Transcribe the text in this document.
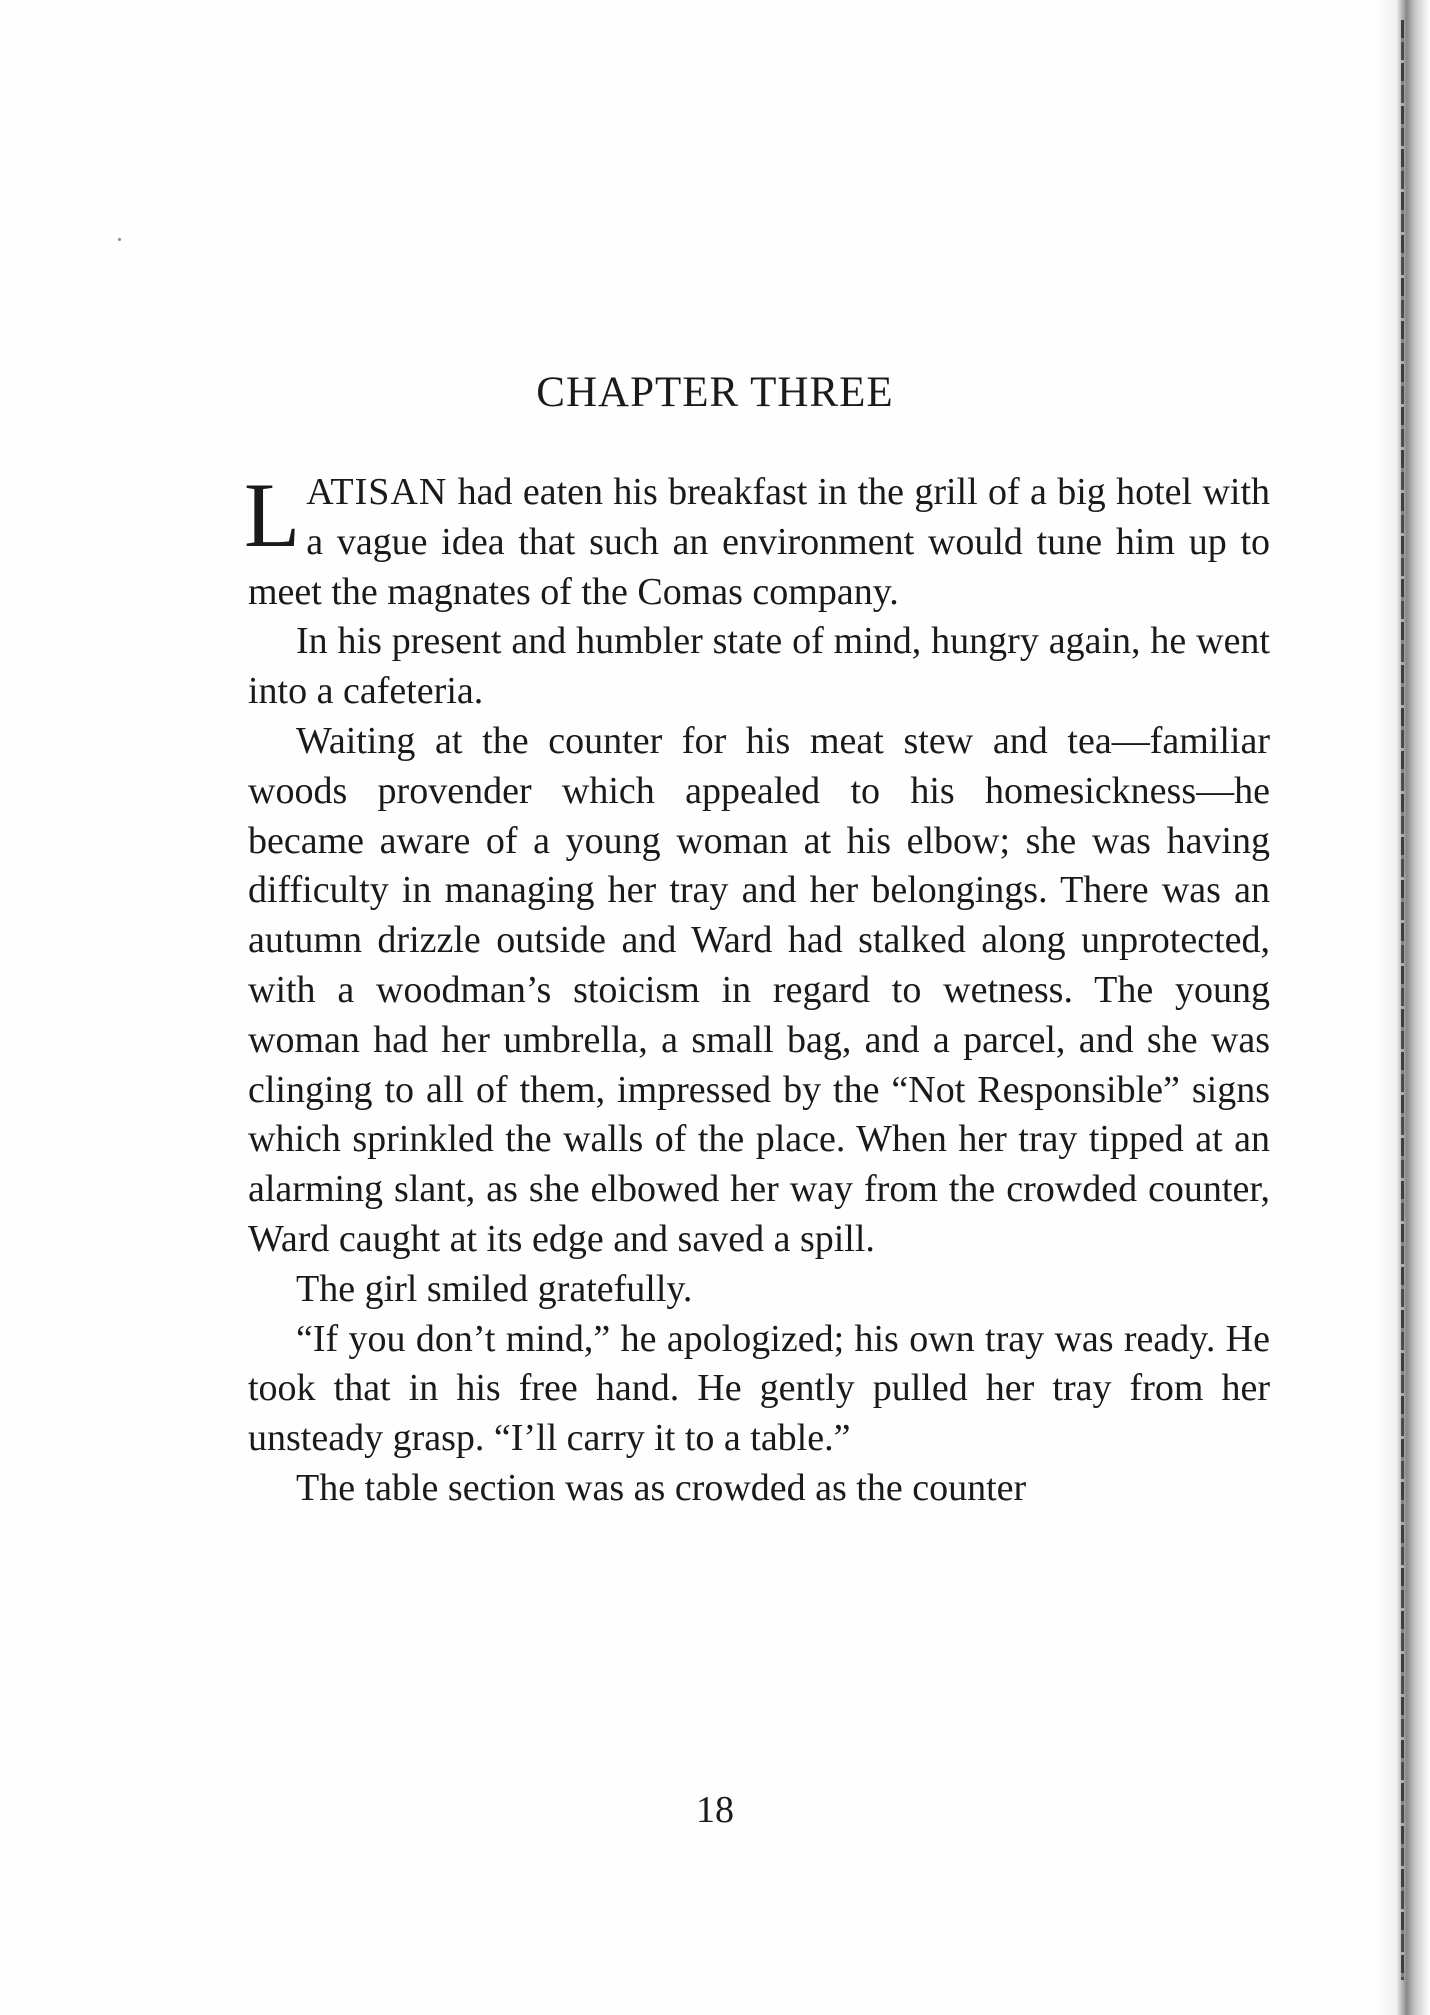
CHAPTER THREE

LATISAN had eaten his breakfast in the grill of a big hotel with a vague idea that such an environment would tune him up to meet the magnates of the Comas company.

In his present and humbler state of mind, hungry again, he went into a cafeteria.

Waiting at the counter for his meat stew and tea—familiar woods provender which appealed to his homesickness—he became aware of a young woman at his elbow; she was having difficulty in managing her tray and her belongings. There was an autumn drizzle outside and Ward had stalked along unprotected, with a woodman’s stoicism in regard to wetness. The young woman had her umbrella, a small bag, and a parcel, and she was clinging to all of them, impressed by the “Not Responsible” signs which sprinkled the walls of the place. When her tray tipped at an alarming slant, as she elbowed her way from the crowded counter, Ward caught at its edge and saved a spill.

The girl smiled gratefully.

“If you don’t mind,” he apologized; his own tray was ready. He took that in his free hand. He gently pulled her tray from her unsteady grasp. “I’ll carry it to a table.”

The table section was as crowded as the counter

18
